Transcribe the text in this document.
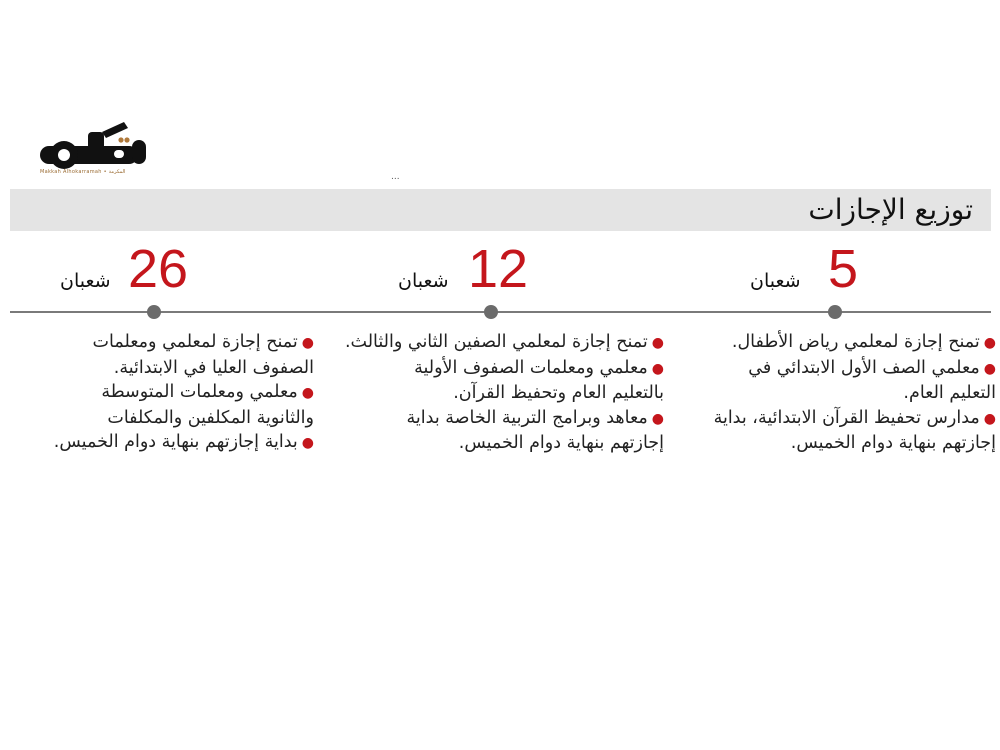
Makkah Alhokarramah • المكرمة	...
توزيع الإجازات
5
شعبان
12
شعبان
26
شعبان

●تمنح إجازة لمعلمي رياض الأطفال.

●معلمي الصف الأول الابتدائي في
التعليم العام.

●مدارس تحفيظ القرآن الابتدائية، بداية
إجازتهم بنهاية دوام الخميس.

●تمنح إجازة لمعلمي الصفين الثاني والثالث.

●معلمي ومعلمات الصفوف الأولية
بالتعليم العام وتحفيظ القرآن.

●معاهد وبرامج التربية الخاصة بداية
إجازتهم بنهاية دوام الخميس.

●تمنح إجازة لمعلمي ومعلمات
الصفوف العليا في الابتدائية.

●معلمي ومعلمات المتوسطة
والثانوية المكلفين والمكلفات

●بداية إجازتهم بنهاية دوام الخميس.
